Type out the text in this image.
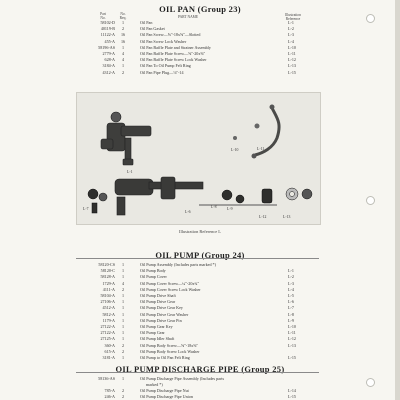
OIL PAN (Group 23)
Part
No.
No.
Req.	PART NAME	Illustration
Reference
58102-D	1	Oil Pan	L-1
40119-B	2	Oil Pan Gasket	L-2
11122-A	16	Oil Pan Screw—⅝"-18x⅝"—Slotted	L-3
455-A	16	Oil Pan Screw Lock Washer	L-4
58196-AS	1	Oil Pan Baffle Plate and Strainer Assembly	L-10
2779-A	4	Oil Pan Baffle Plate Screw—⅝"-20x⅝"	L-11
628-A	4	Oil Pan Baffle Plate Screw Lock Washer	L-12
3184-A	1	Oil Pan To Oil Pump Felt Ring	L-13
4312-A	2	Oil Pan Pipe Plug—⅛"-14	L-15
L-1
L-6
L-7	L-8	L-9
L-10	L-11
L-12	L-13
Illustration Reference L
OIL PUMP (Group 24)
58120-CS	1	Oil Pump Assembly (Includes parts marked *)
58120-C	1	Oil Pump Body	L-1
58128-A	1	Oil Pump Cover	L-2
1729-A	4	Oil Pump Cover Screw—¼"-20x¾"	L-3
4111-A	2	Oil Pump Cover Screw Lock Washer	L-4
58104-A	1	Oil Pump Drive Shaft	L-5
27106-A	1	Oil Pump Drive Gear	L-6
4512-A	1	Oil Pump Drive Gear Key	L-7
5812-A	1	Oil Pump Drive Gear Washer	L-8
1179-A	1	Oil Pump Drive Gear Pin	L-9
27122-A	1	Oil Pump Gear Key	L-10
27122-A	1	Oil Pump Gear	L-11
27125-A	1	Oil Pump Idler Shaft	L-12
360-A	2	Oil Pump Body Screw—⅝"-18x⅝"	L-13
615-A	2	Oil Pump Body Screw Lock Washer
3181-A	1	Oil Pump to Oil Pan Felt Ring	L-15
OIL PUMP DISCHARGE PIPE (Group 25)
58136-AS	1	Oil Pump Discharge Pipe Assembly (Includes parts
marked *)
785-A	2	Oil Pump Discharge Pipe Nut	L-14
246-A	2	Oil Pump Discharge Pipe Union	L-15
